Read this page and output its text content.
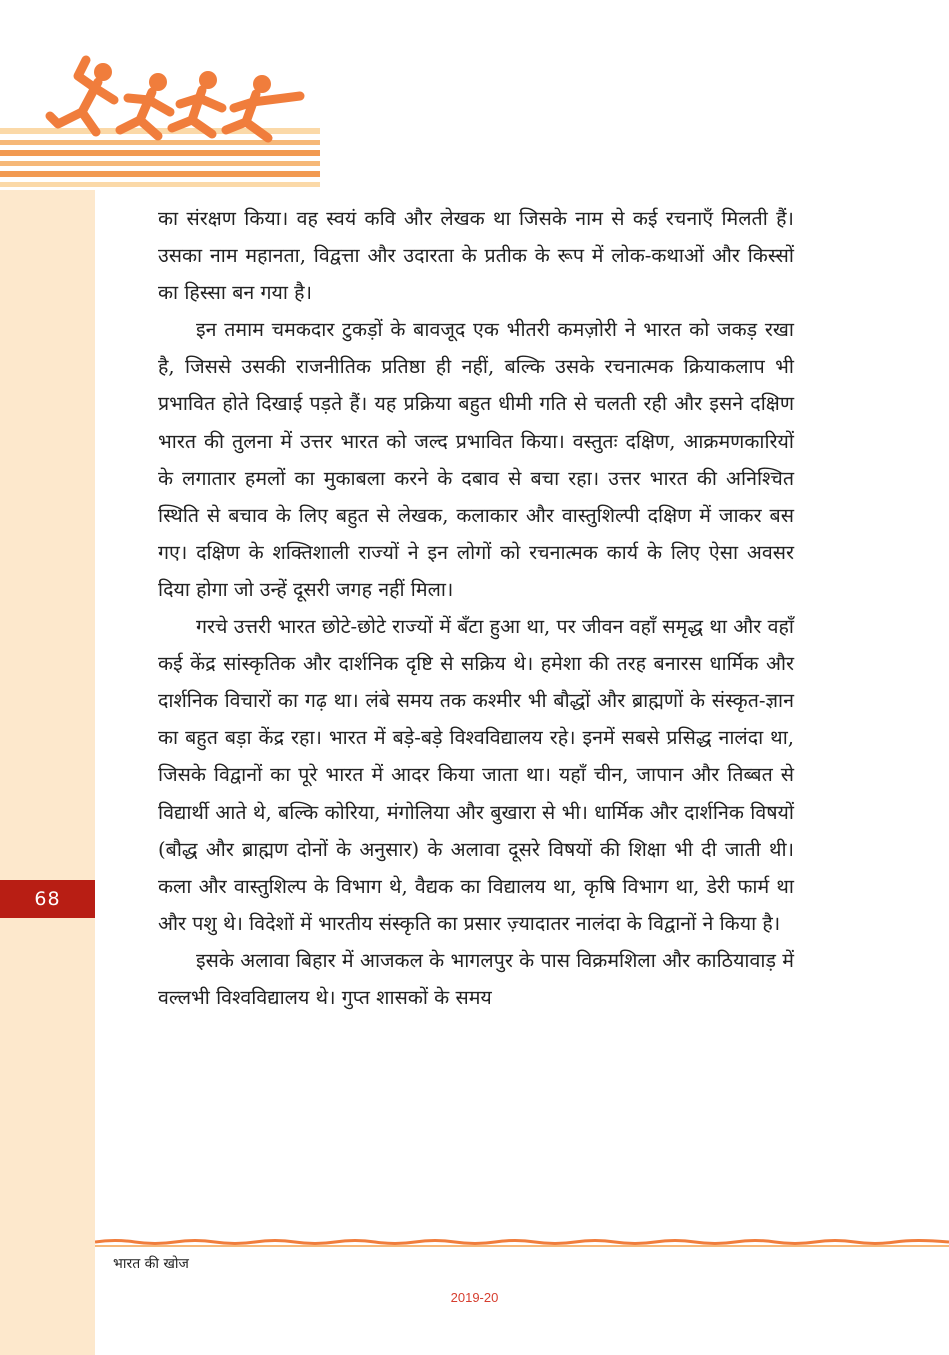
68

का संरक्षण किया। वह स्वयं कवि और लेखक था जिसके नाम से कई रचनाएँ मिलती हैं। उसका नाम महानता, विद्वत्ता और उदारता के प्रतीक के रूप में लोक-कथाओं और किस्सों का हिस्सा बन गया है।

इन तमाम चमकदार टुकड़ों के बावजूद एक भीतरी कमज़ोरी ने भारत को जकड़ रखा है, जिससे उसकी राजनीतिक प्रतिष्ठा ही नहीं, बल्कि उसके रचनात्मक क्रियाकलाप भी प्रभावित होते दिखाई पड़ते हैं। यह प्रक्रिया बहुत धीमी गति से चलती रही और इसने दक्षिण भारत की तुलना में उत्तर भारत को जल्द प्रभावित किया। वस्तुतः दक्षिण, आक्रमणकारियों के लगातार हमलों का मुकाबला करने के दबाव से बचा रहा। उत्तर भारत की अनिश्चित स्थिति से बचाव के लिए बहुत से लेखक, कलाकार और वास्तुशिल्पी दक्षिण में जाकर बस गए। दक्षिण के शक्तिशाली राज्यों ने इन लोगों को रचनात्मक कार्य के लिए ऐसा अवसर दिया होगा जो उन्हें दूसरी जगह नहीं मिला।

गरचे उत्तरी भारत छोटे-छोटे राज्यों में बँटा हुआ था, पर जीवन वहाँ समृद्ध था और वहाँ कई केंद्र सांस्कृतिक और दार्शनिक दृष्टि से सक्रिय थे। हमेशा की तरह बनारस धार्मिक और दार्शनिक विचारों का गढ़ था। लंबे समय तक कश्मीर भी बौद्धों और ब्राह्मणों के संस्कृत-ज्ञान का बहुत बड़ा केंद्र रहा। भारत में बड़े-बड़े विश्वविद्यालय रहे। इनमें सबसे प्रसिद्ध नालंदा था, जिसके विद्वानों का पूरे भारत में आदर किया जाता था। यहाँ चीन, जापान और तिब्बत से विद्यार्थी आते थे, बल्कि कोरिया, मंगोलिया और बुखारा से भी। धार्मिक और दार्शनिक विषयों (बौद्ध और ब्राह्मण दोनों के अनुसार) के अलावा दूसरे विषयों की शिक्षा भी दी जाती थी। कला और वास्तुशिल्प के विभाग थे, वैद्यक का विद्यालय था, कृषि विभाग था, डेरी फार्म था और पशु थे। विदेशों में भारतीय संस्कृति का प्रसार ज़्यादातर नालंदा के विद्वानों ने किया है।

इसके अलावा बिहार में आजकल के भागलपुर के पास विक्रमशिला और काठियावाड़ में वल्लभी विश्वविद्यालय थे। गुप्त शासकों के समय

भारत की खोज
2019-20
